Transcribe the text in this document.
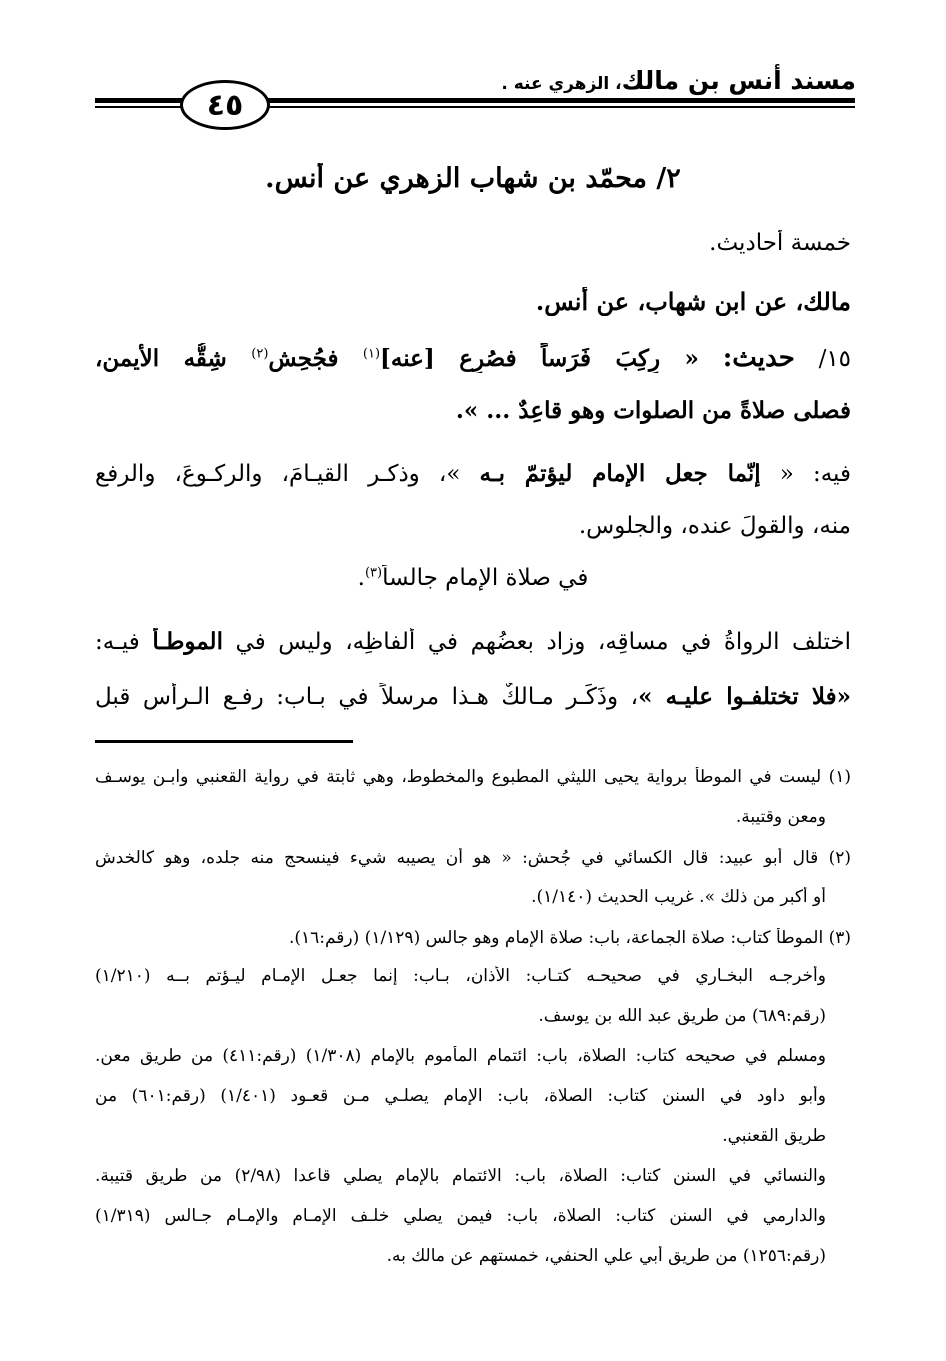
مسند أنس بن مالك، الزهري عنه .
٤٥
٢/ محمّد بن شهاب الزهري عن أنس.
خمسة أحاديث.
مالك، عن ابن شهاب، عن أنس.
١٥/ حديث: « رِكِبَ فَرَساً فصُرِع [عنه]$^{(١)}$ فجُحِش$^{(٢)}$ شِقُّه الأيمن،
فصلى صلاةً من الصلوات وهو قاعِدٌ ... ».
فيه: « إنّما جعل الإمام ليؤتمّ بـه »، وذكـر القيـامَ، والركـوعَ، والرفع
منه، والقولَ عنده، والجلوس.
في صلاة الإمام جالساً$^{(٣)}$.
اختلف الرواةُ في مساقِه، وزاد بعضُهم في ألفاظِه، وليس في الموطـأ فيـه:
«فلا تختلفـوا عليـه »، وذَكَـر مـالكٌ هـذا مرسلاً في بـاب: رفـع الـرأس قبل
(١) ليست في الموطأ برواية يحيى الليثي المطبوع والمخطوط، وهي ثابتة في رواية القعنبي وابـن يوسـف
ومعن وقتيبة.
(٢) قال أبو عبيد: قال الكسائي في جُحش: « هو أن يصيبه شيء فينسحج منه جلده، وهو كالخدش
أو أكبر من ذلك ». غريب الحديث (١/١٤٠).
(٣) الموطأ كتاب: صلاة الجماعة، باب: صلاة الإمام وهو جالس (١/١٢٩) (رقم:١٦).
وأخرجـه البخـاري في صحيحـه كتـاب: الأذان، بـاب: إنما جعـل الإمـام ليـؤتم بــه (١/٢١٠)
(رقم:٦٨٩) من طريق عبد الله بن يوسف.
ومسلم في صحيحه كتاب: الصلاة، باب: ائتمام المأموم بالإمام (١/٣٠٨) (رقم:٤١١) من طريق معن.
وأبو داود في السنن كتاب: الصلاة، باب: الإمام يصلـي مـن قعـود (١/٤٠١) (رقم:٦٠١) من
طريق القعنبي.
والنسائي في السنن كتاب: الصلاة، باب: الائتمام بالإمام يصلي قاعدا (٢/٩٨) من طريق قتيبة.
والدارمي في السنن كتاب: الصلاة، باب: فيمن يصلي خلـف الإمـام والإمـام جـالس (١/٣١٩)
(رقم:١٢٥٦) من طريق أبي علي الحنفي، خمستهم عن مالك به.
